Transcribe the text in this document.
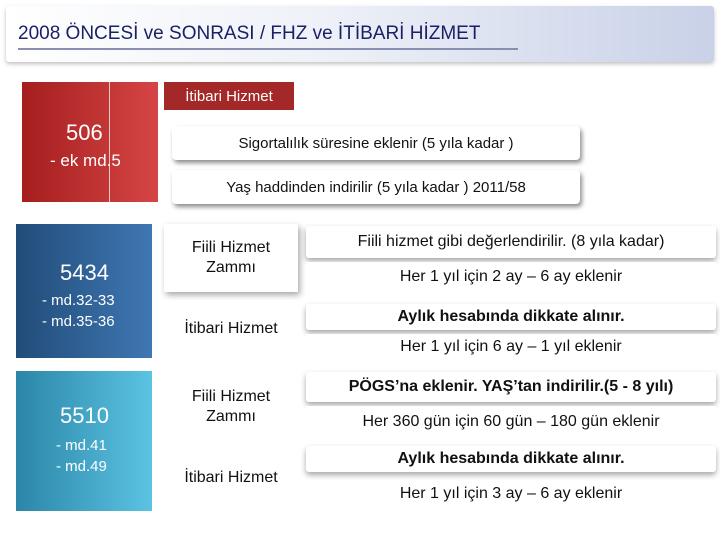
2008 ÖNCESİ ve SONRASI / FHZ ve İTİBARİ HİZMET
506
- ek md.5
İtibari Hizmet
Sigortalılık süresine eklenir (5 yıla kadar )
Yaş haddinden indirilir (5 yıla kadar ) 2011/58
5434
- md.32-33
- md.35-36
Fiili Hizmet
Zammı
İtibari Hizmet
Fiili hizmet gibi değerlendirilir. (8 yıla kadar)
Her 1 yıl için 2 ay – 6 ay eklenir
Aylık hesabında dikkate alınır.
Her 1 yıl için 6 ay – 1 yıl eklenir
5510
- md.41
- md.49
Fiili Hizmet
Zammı
İtibari Hizmet
PÖGS’na eklenir. YAŞ’tan indirilir.(5 - 8 yılı)
Her 360 gün için 60 gün – 180 gün eklenir
Aylık hesabında dikkate alınır.
Her 1 yıl için 3 ay – 6 ay eklenir
